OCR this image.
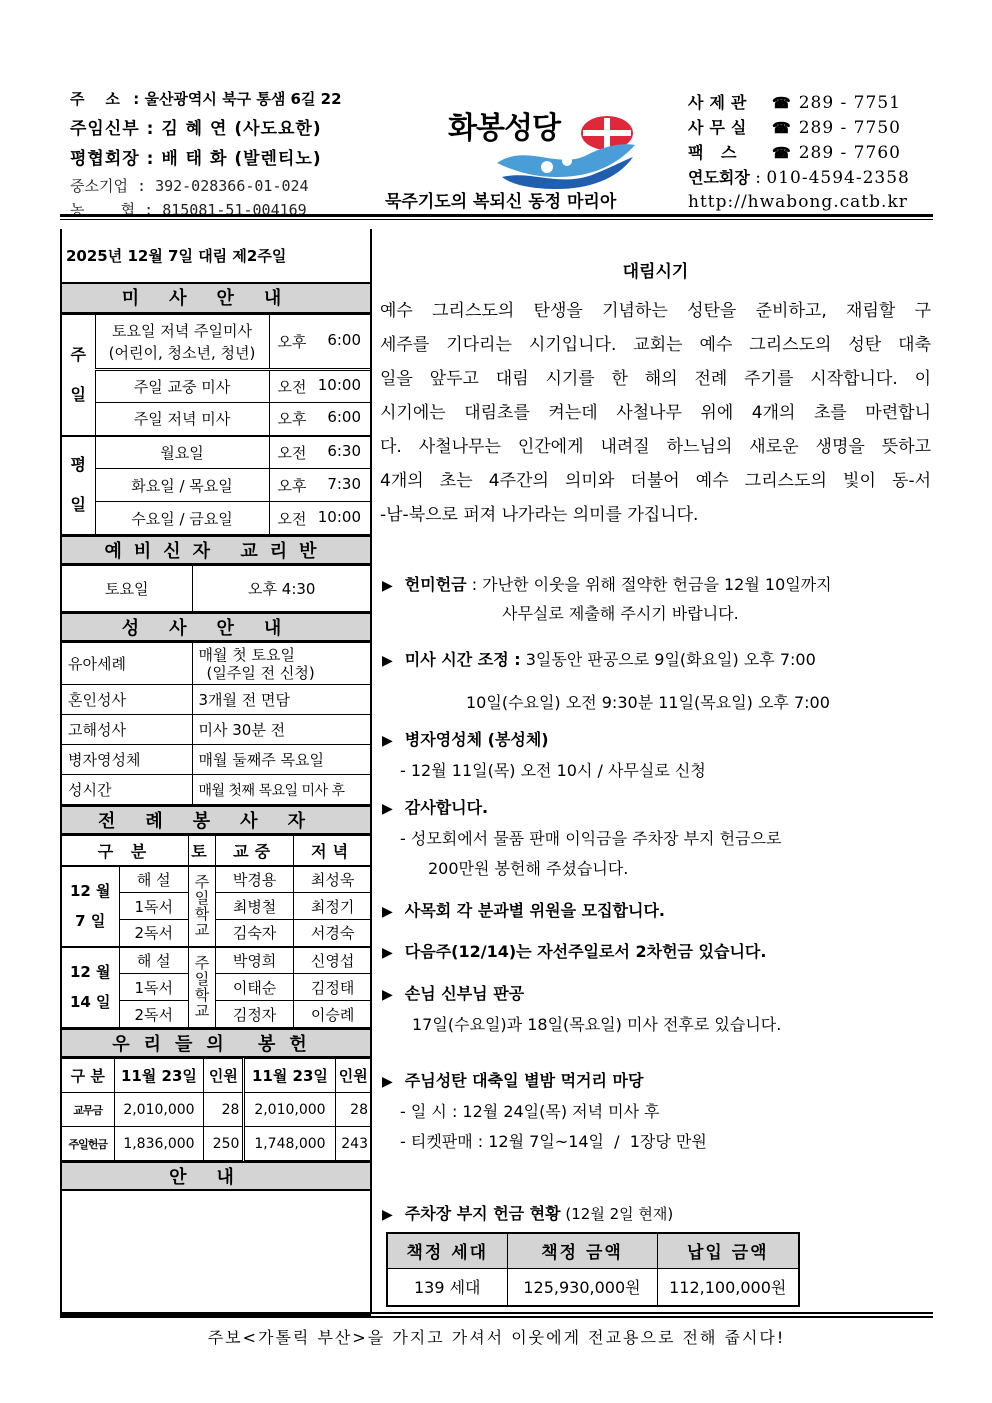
주    소 : 울산광역시 북구 통샘 6길 22
주임신부 : 김 혜 연 (사도요한)
평협회장 : 배 태 화 (발렌티노)
중소기업 : 392-028366-01-024
농    협 : 815081-51-004169
화봉성당
묵주기도의 복되신 동정 마리아
사제관 ☎ 289 - 7751
사무실 ☎ 289 - 7750
팩 스 ☎ 289 - 7760
연도회장 : 010-4594-2358
http://hwabong.catb.kr
2025년 12월 7일 대림 제2주일
미사안내
주일	토요일 저녁 주일미사
(어린이, 청소년, 청년)	오후 6:00
	주일 교중 미사	오전 10:00
	주일 저녁 미사	오후 6:00
평일	월요일	오전 6:30
	화요일 / 목요일	오후 7:30
	수요일 / 금요일	오전 10:00
예비신자 교리반
토요일	오후 4:30
성사안내
유아세례	매월 첫 토요일
(일주일 전 신청)
혼인성사	3개월 전 면담
고해성사	미사 30분 전
병자영성체	매월 둘째주 목요일
성시간	매월 첫째 목요일 미사 후
전례봉사자
구 분		토	교중	저녁
12 월
7 일	해 설	주일학교	박경용	최성욱
	1독서		최병철	최정기
	2독서		김숙자	서경숙
12 월
14 일	해 설	주일학교	박영희	신영섭
	1독서		이태순	김정태
	2독서		김정자	이승례
우리들의 봉헌
구 분	11월 23일	인원	11월 23일	인원
교무금	2,010,000	28	2,010,000	28
주일헌금	1,836,000	250	1,748,000	243
안내
대림시기
예수 그리스도의 탄생을 기념하는 성탄을 준비하고, 재림할 구
세주를 기다리는 시기입니다. 교회는 예수 그리스도의 성탄 대축
일을 앞두고 대림 시기를 한 해의 전례 주기를 시작합니다. 이
시기에는 대림초를 켜는데 사철나무 위에 4개의 초를 마련합니
다. 사철나무는 인간에게 내려질 하느님의 새로운 생명을 뜻하고
4개의 초는 4주간의 의미와 더불어 예수 그리스도의 빛이 동-서
-남-북으로 퍼져 나가라는 의미를 가집니다.
▶ 헌미헌금 : 가난한 이웃을 위해 절약한 헌금을 12월 10일까지
사무실로 제출해 주시기 바랍니다.
▶ 미사 시간 조정 : 3일동안 판공으로 9일(화요일) 오후 7:00
10일(수요일) 오전 9:30분 11일(목요일) 오후 7:00
▶ 병자영성체 (봉성체)
- 12월 11일(목) 오전 10시 / 사무실로 신청
▶ 감사합니다.
- 성모회에서 물품 판매 이익금을 주차장 부지 헌금으로
200만원 봉헌해 주셨습니다.
▶ 사목회 각 분과별 위원을 모집합니다.
▶ 다음주(12/14)는 자선주일로서 2차헌금 있습니다.
▶ 손님 신부님 판공
17일(수요일)과 18일(목요일) 미사 전후로 있습니다.
▶ 주님성탄 대축일 별밤 먹거리 마당
- 일 시 : 12월 24일(목) 저녁 미사 후
- 티켓판매 : 12월 7일~14일  /  1장당 만원
▶ 주차장 부지 헌금 현황 (12월 2일 현재)
책정 세대	책정 금액	납입 금액
139 세대	125,930,000원	112,100,000원
주보<가톨릭 부산>을 가지고 가셔서 이웃에게 전교용으로 전해 줍시다!
